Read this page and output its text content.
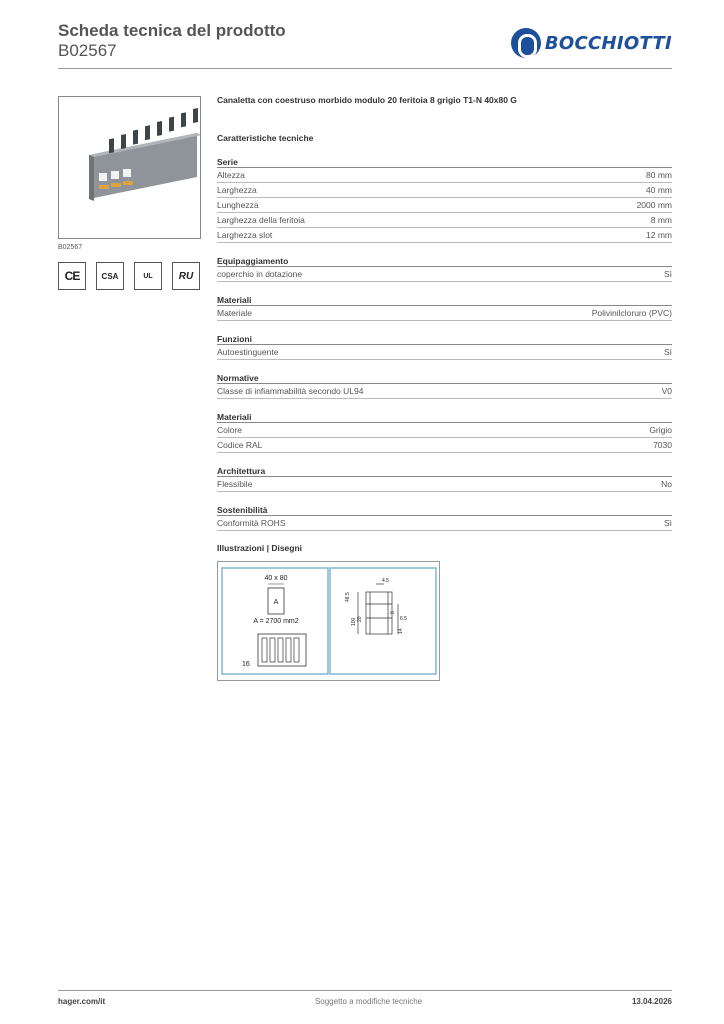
Scheda tecnica del prodotto
B02567	BOCCHIOTTI
B02567
CE	CSA	UL	RU
Canaletta con coestruso morbido modulo 20 feritoia 8 grigio T1-N 40x80 G
Caratteristiche tecniche
Serie
Altezza	80 mm
Larghezza	40 mm
Lunghezza	2000 mm
Larghezza della feritoia	8 mm
Larghezza slot	12 mm
Equipaggiamento
coperchio in dotazione	Sì
Materiali
Materiale	Polivinilcloruro (PVC)
Funzioni
Autoestinguente	Sì
Normative
Classe di infiammabilità secondo UL94	V0
Materiali
Colore	Grigio
Codice RAL	7030
Architettura
Flessibile	No
Sostenibilità
Conformità ROHS	Sì
Illustrazioni | Disegni
40 x 80
A
A = 2700 mm2
16
4.5
48.5
100
8
6.5
14
20
hager.com/it	Soggetto a modifiche tecniche	13.04.2026
